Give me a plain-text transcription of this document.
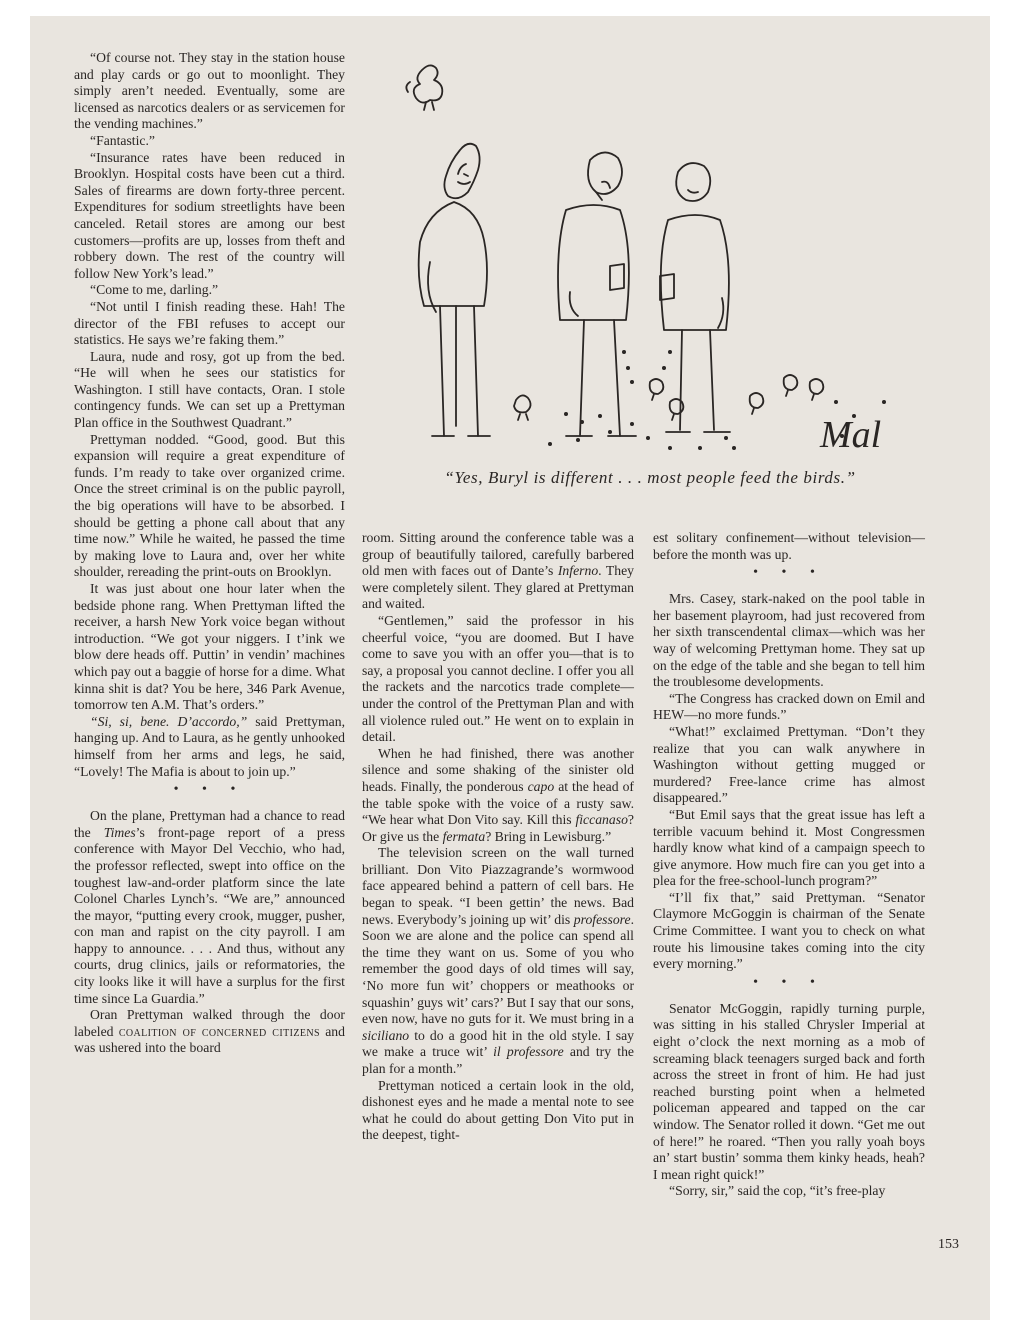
“Of course not. They stay in the station house and play cards or go out to moonlight. They simply aren’t needed. Eventually, some are licensed as narcotics dealers or as servicemen for the vending machines.”

“Fantastic.”

“Insurance rates have been reduced in Brooklyn. Hospital costs have been cut a third. Sales of firearms are down forty-three percent. Expenditures for sodium streetlights have been canceled. Retail stores are among our best customers—profits are up, losses from theft and robbery down. The rest of the country will follow New York’s lead.”

“Come to me, darling.”

“Not until I finish reading these. Hah! The director of the FBI refuses to accept our statistics. He says we’re faking them.”

Laura, nude and rosy, got up from the bed. “He will when he sees our statistics for Washington. I still have contacts, Oran. I stole contingency funds. We can set up a Prettyman Plan office in the Southwest Quadrant.”

Prettyman nodded. “Good, good. But this expansion will require a great expenditure of funds. I’m ready to take over organized crime. Once the street criminal is on the public payroll, the big operations will have to be absorbed. I should be getting a phone call about that any time now.” While he waited, he passed the time by making love to Laura and, over her white shoulder, rereading the print-outs on Brooklyn.

It was just about one hour later when the bedside phone rang. When Prettyman lifted the receiver, a harsh New York voice began without introduction. “We got your niggers. I t’ink we blow dere heads off. Puttin’ in vendin’ machines which pay out a baggie of horse for a dime. What kinna shit is dat? You be here, 346 Park Avenue, tomorrow ten A.M. That’s orders.”

“Si, si, bene. D’accordo,” said Prettyman, hanging up. And to Laura, as he gently unhooked himself from her arms and legs, he said, “Lovely! The Mafia is about to join up.”

• • •

On the plane, Prettyman had a chance to read the Times’s front-page report of a press conference with Mayor Del Vecchio, who had, the professor reflected, swept into office on the toughest law-and-order platform since the late Colonel Charles Lynch’s. “We are,” announced the mayor, “putting every crook, mugger, pusher, con man and rapist on the city payroll. I am happy to announce. . . . And thus, without any courts, drug clinics, jails or reformatories, the city looks like it will have a surplus for the first time since La Guardia.”

Oran Prettyman walked through the door labeled coalition of concerned citizens and was ushered into the board

Mal
“Yes, Buryl is different . . . most people feed the birds.”

room. Sitting around the conference table was a group of beautifully tailored, carefully barbered old men with faces out of Dante’s Inferno. They were completely silent. They glared at Prettyman and waited.

“Gentlemen,” said the professor in his cheerful voice, “you are doomed. But I have come to save you with an offer you—that is to say, a proposal you cannot decline. I offer you all the rackets and the narcotics trade complete—under the control of the Prettyman Plan and with all violence ruled out.” He went on to explain in detail.

When he had finished, there was another silence and some shaking of the sinister old heads. Finally, the ponderous capo at the head of the table spoke with the voice of a rusty saw. “We hear what Don Vito say. Kill this ficcanaso? Or give us the fermata? Bring in Lewisburg.”

The television screen on the wall turned brilliant. Don Vito Piazzagrande’s wormwood face appeared behind a pattern of cell bars. He began to speak. “I been gettin’ the news. Bad news. Everybody’s joining up wit’ dis professore. Soon we are alone and the police can spend all the time they want on us. Some of you who remember the good days of old times will say, ‘No more fun wit’ choppers or meathooks or squashin’ guys wit’ cars?’ But I say that our sons, even now, have no guts for it. We must bring in a siciliano to do a good hit in the old style. I say we make a truce wit’ il professore and try the plan for a month.”

Prettyman noticed a certain look in the old, dishonest eyes and he made a mental note to see what he could do about getting Don Vito put in the deepest, tight-

est solitary confinement—without television—before the month was up.

• • •

Mrs. Casey, stark-naked on the pool table in her basement playroom, had just recovered from her sixth transcendental climax—which was her way of welcoming Prettyman home. They sat up on the edge of the table and she began to tell him the troublesome developments.

“The Congress has cracked down on Emil and HEW—no more funds.”

“What!” exclaimed Prettyman. “Don’t they realize that you can walk anywhere in Washington without getting mugged or murdered? Free-lance crime has almost disappeared.”

“But Emil says that the great issue has left a terrible vacuum behind it. Most Congressmen hardly know what kind of a campaign speech to give anymore. How much fire can you get into a plea for the free-school-lunch program?”

“I’ll fix that,” said Prettyman. “Senator Claymore McGoggin is chairman of the Senate Crime Committee. I want you to check on what route his limousine takes coming into the city every morning.”

• • •

Senator McGoggin, rapidly turning purple, was sitting in his stalled Chrysler Imperial at eight o’clock the next morning as a mob of screaming black teenagers surged back and forth across the street in front of him. He had just reached bursting point when a helmeted policeman appeared and tapped on the car window. The Senator rolled it down. “Get me out of here!” he roared. “Then you rally yoah boys an’ start bustin’ somma them kinky heads, heah? I mean right quick!”

“Sorry, sir,” said the cop, “it’s free-play

153
